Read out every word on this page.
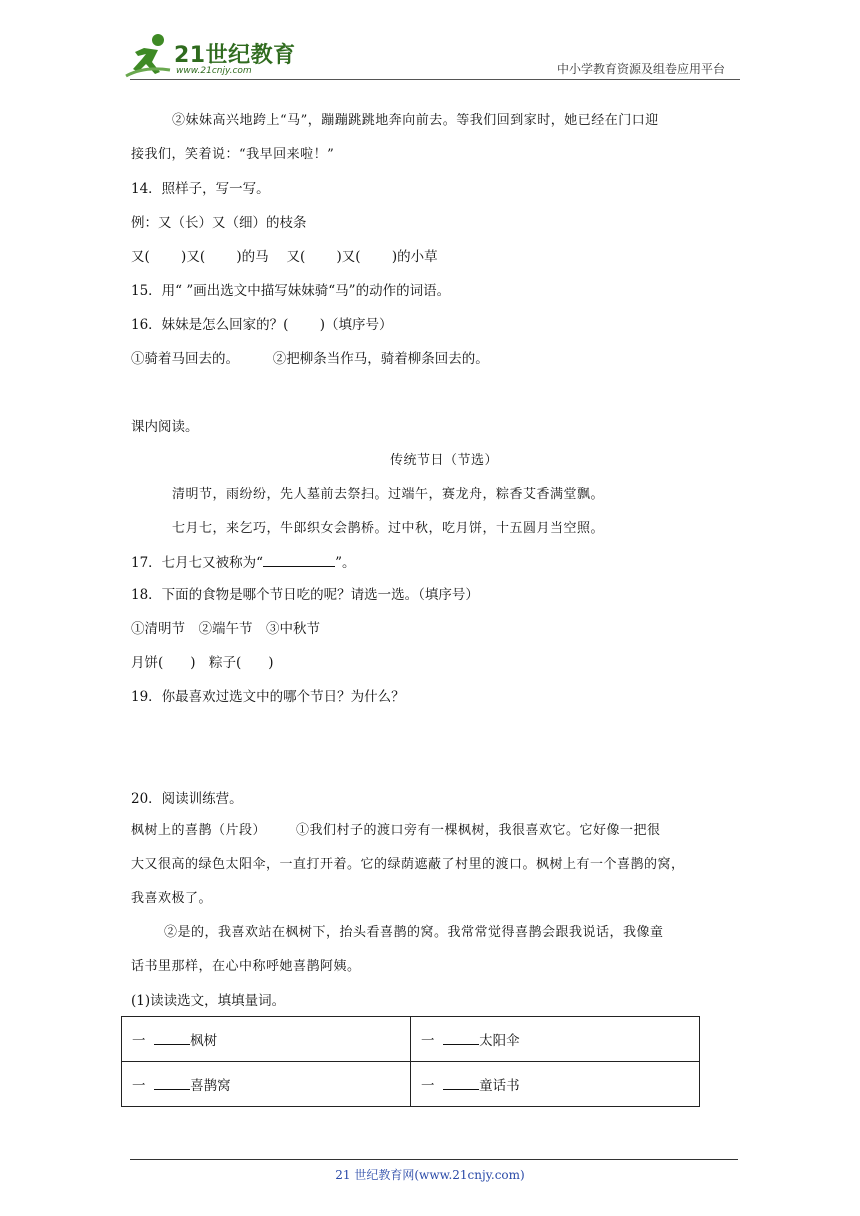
21世纪教育
www.21cnjy.com	中小学教育资源及组卷应用平台
②妹妹高兴地跨上“马”，蹦蹦跳跳地奔向前去。等我们回到家时，她已经在门口迎
接我们，笑着说：“我早回来啦！”
14．照样子，写一写。
例：又（长）又（细）的枝条
又(　　 )又(　　 )的马　 又(　　 )又(　　 )的小草
15．用“ ”画出选文中描写妹妹骑“马”的动作的词语。
16．妹妹是怎么回家的？(　　 )（填序号）
①骑着马回去的。　　　②把柳条当作马，骑着柳条回去的。
课内阅读。
传统节日（节选）
清明节，雨纷纷，先人墓前去祭扫。过端午，赛龙舟，粽香艾香满堂飘。
七月七，来乞巧，牛郎织女会鹊桥。过中秋，吃月饼，十五圆月当空照。
17．七月七又被称为“	”。
18．下面的食物是哪个节日吃的呢？请选一选。（填序号）
①清明节　②端午节　③中秋节
月饼(　　)　粽子(　　)
19．你最喜欢过选文中的哪个节日？为什么？
20．阅读训练营。
枫树上的喜鹊（片段） ①我们村子的渡口旁有一棵枫树，我很喜欢它。它好像一把很
大又很高的绿色太阳伞，一直打开着。它的绿荫遮蔽了村里的渡口。枫树上有一个喜鹊的窝，
我喜欢极了。
②是的，我喜欢站在枫树下，抬头看喜鹊的窝。我常常觉得喜鹊会跟我说话，我像童
话书里那样，在心中称呼她喜鹊阿姨。
(1)读读选文，填填量词。
一 枫树	一 太阳伞
一 喜鹊窝	一 童话书
21 世纪教育网(www.21cnjy.com)
